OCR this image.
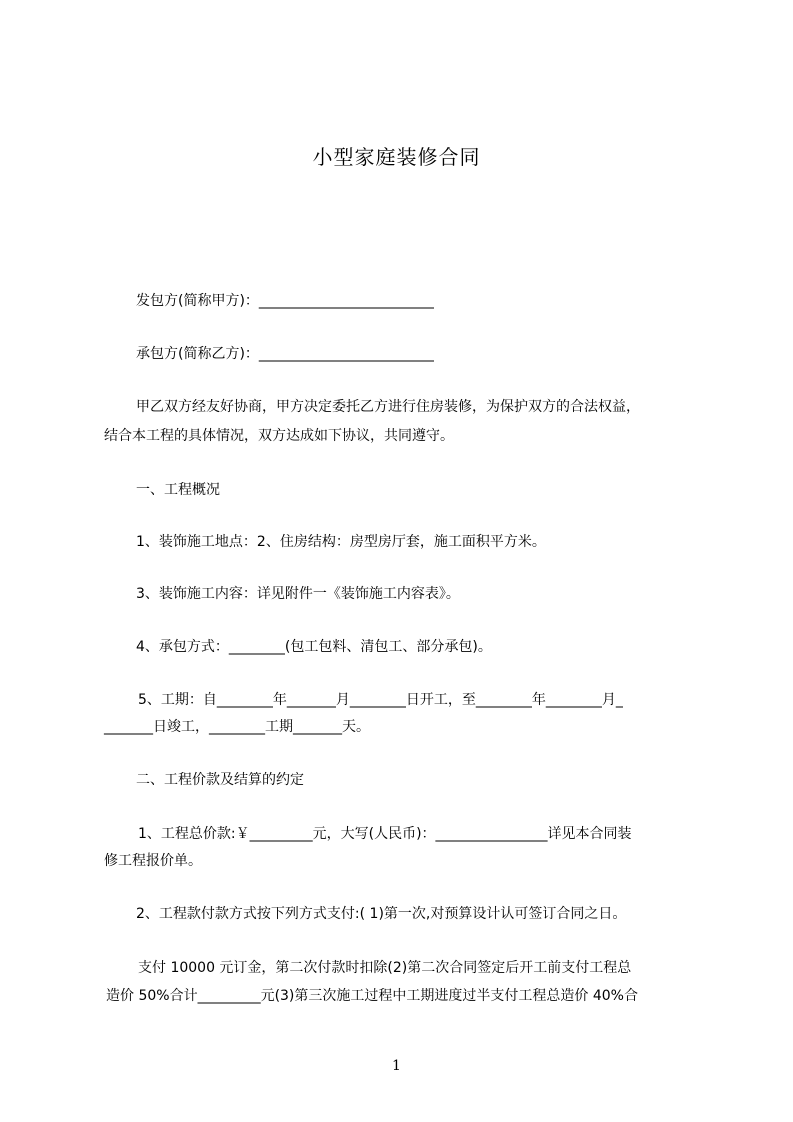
小型家庭装修合同
发包方(简称甲方)：_________________________
承包方(简称乙方)：_________________________
甲乙双方经友好协商，甲方决定委托乙方进行住房装修，为保护双方的合法权益，
结合本工程的具体情况，双方达成如下协议，共同遵守。
一、工程概况
1、装饰施工地点：2、住房结构：房型房厅套，施工面积平方米。
3、装饰施工内容：详见附件一《装饰施工内容表》。
4、承包方式：________(包工包料、清包工、部分承包)。
5、工期：自________年_______月________日开工，至________年________月_
_______日竣工，________工期_______天。
二、工程价款及结算的约定
1、工程总价款:￥_________元，大写(人民币)：________________详见本合同装
修工程报价单。
2、工程款付款方式按下列方式支付:( 1)第一次,对预算设计认可签订合同之日。
支付 10000 元订金，第二次付款时扣除(2)第二次合同签定后开工前支付工程总
造价 50%合计_________元(3)第三次施工过程中工期进度过半支付工程总造价 40%合
1
